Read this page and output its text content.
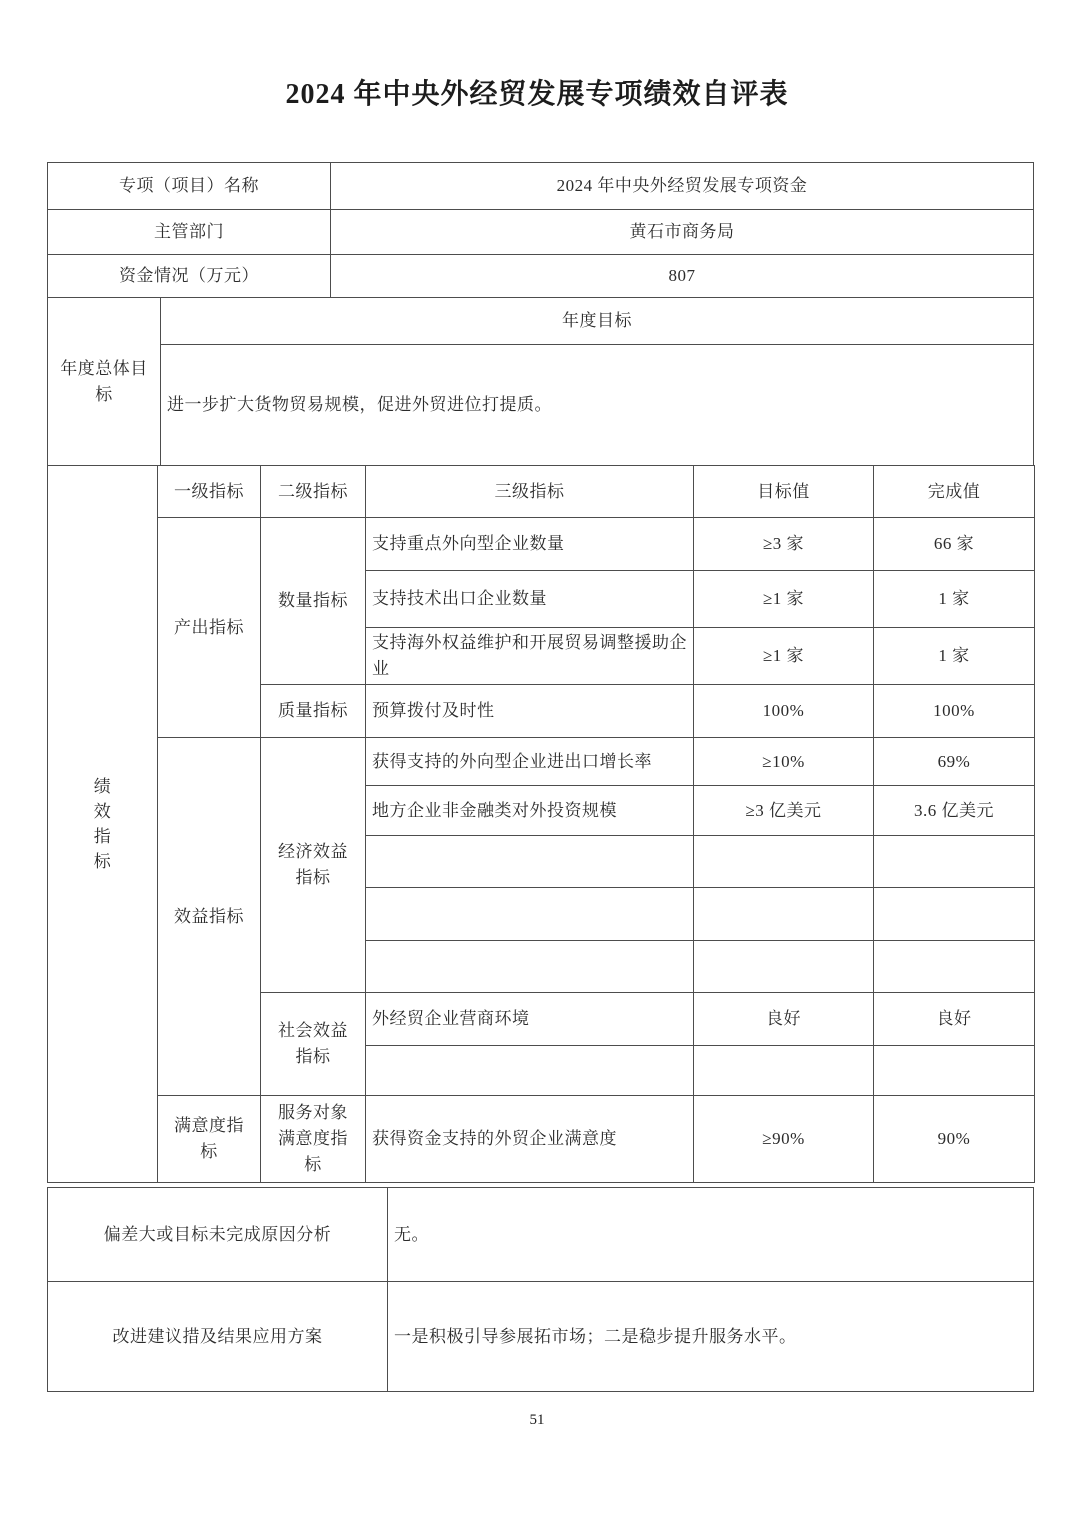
2024 年中央外经贸发展专项绩效自评表
专项（项目）名称	2024 年中央外经贸发展专项资金
主管部门	黄石市商务局
资金情况（万元）	807
年度总体目标
	年度目标
进一步扩大货物贸易规模，促进外贸进位打提质。
绩效指标	一级指标	二级指标	三级指标	目标值	完成值
	产出指标	数量指标	支持重点外向型企业数量	≥3 家	66 家
			支持技术出口企业数量	≥1 家	1 家
			支持海外权益维护和开展贸易调整援助企业	≥1 家	1 家
		质量指标	预算拨付及时性	100%	100%
	效益指标	经济效益指标	获得支持的外向型企业进出口增长率	≥10%	69%
			地方企业非金融类对外投资规模	≥3 亿美元	3.6 亿美元

		社会效益指标	外经贸企业营商环境	良好	良好

	满意度指标	服务对象满意度指标	获得资金支持的外贸企业满意度	≥90%	90%
偏差大或目标未完成原因分析	无。
改进建议措及结果应用方案	一是积极引导参展拓市场；二是稳步提升服务水平。
51
